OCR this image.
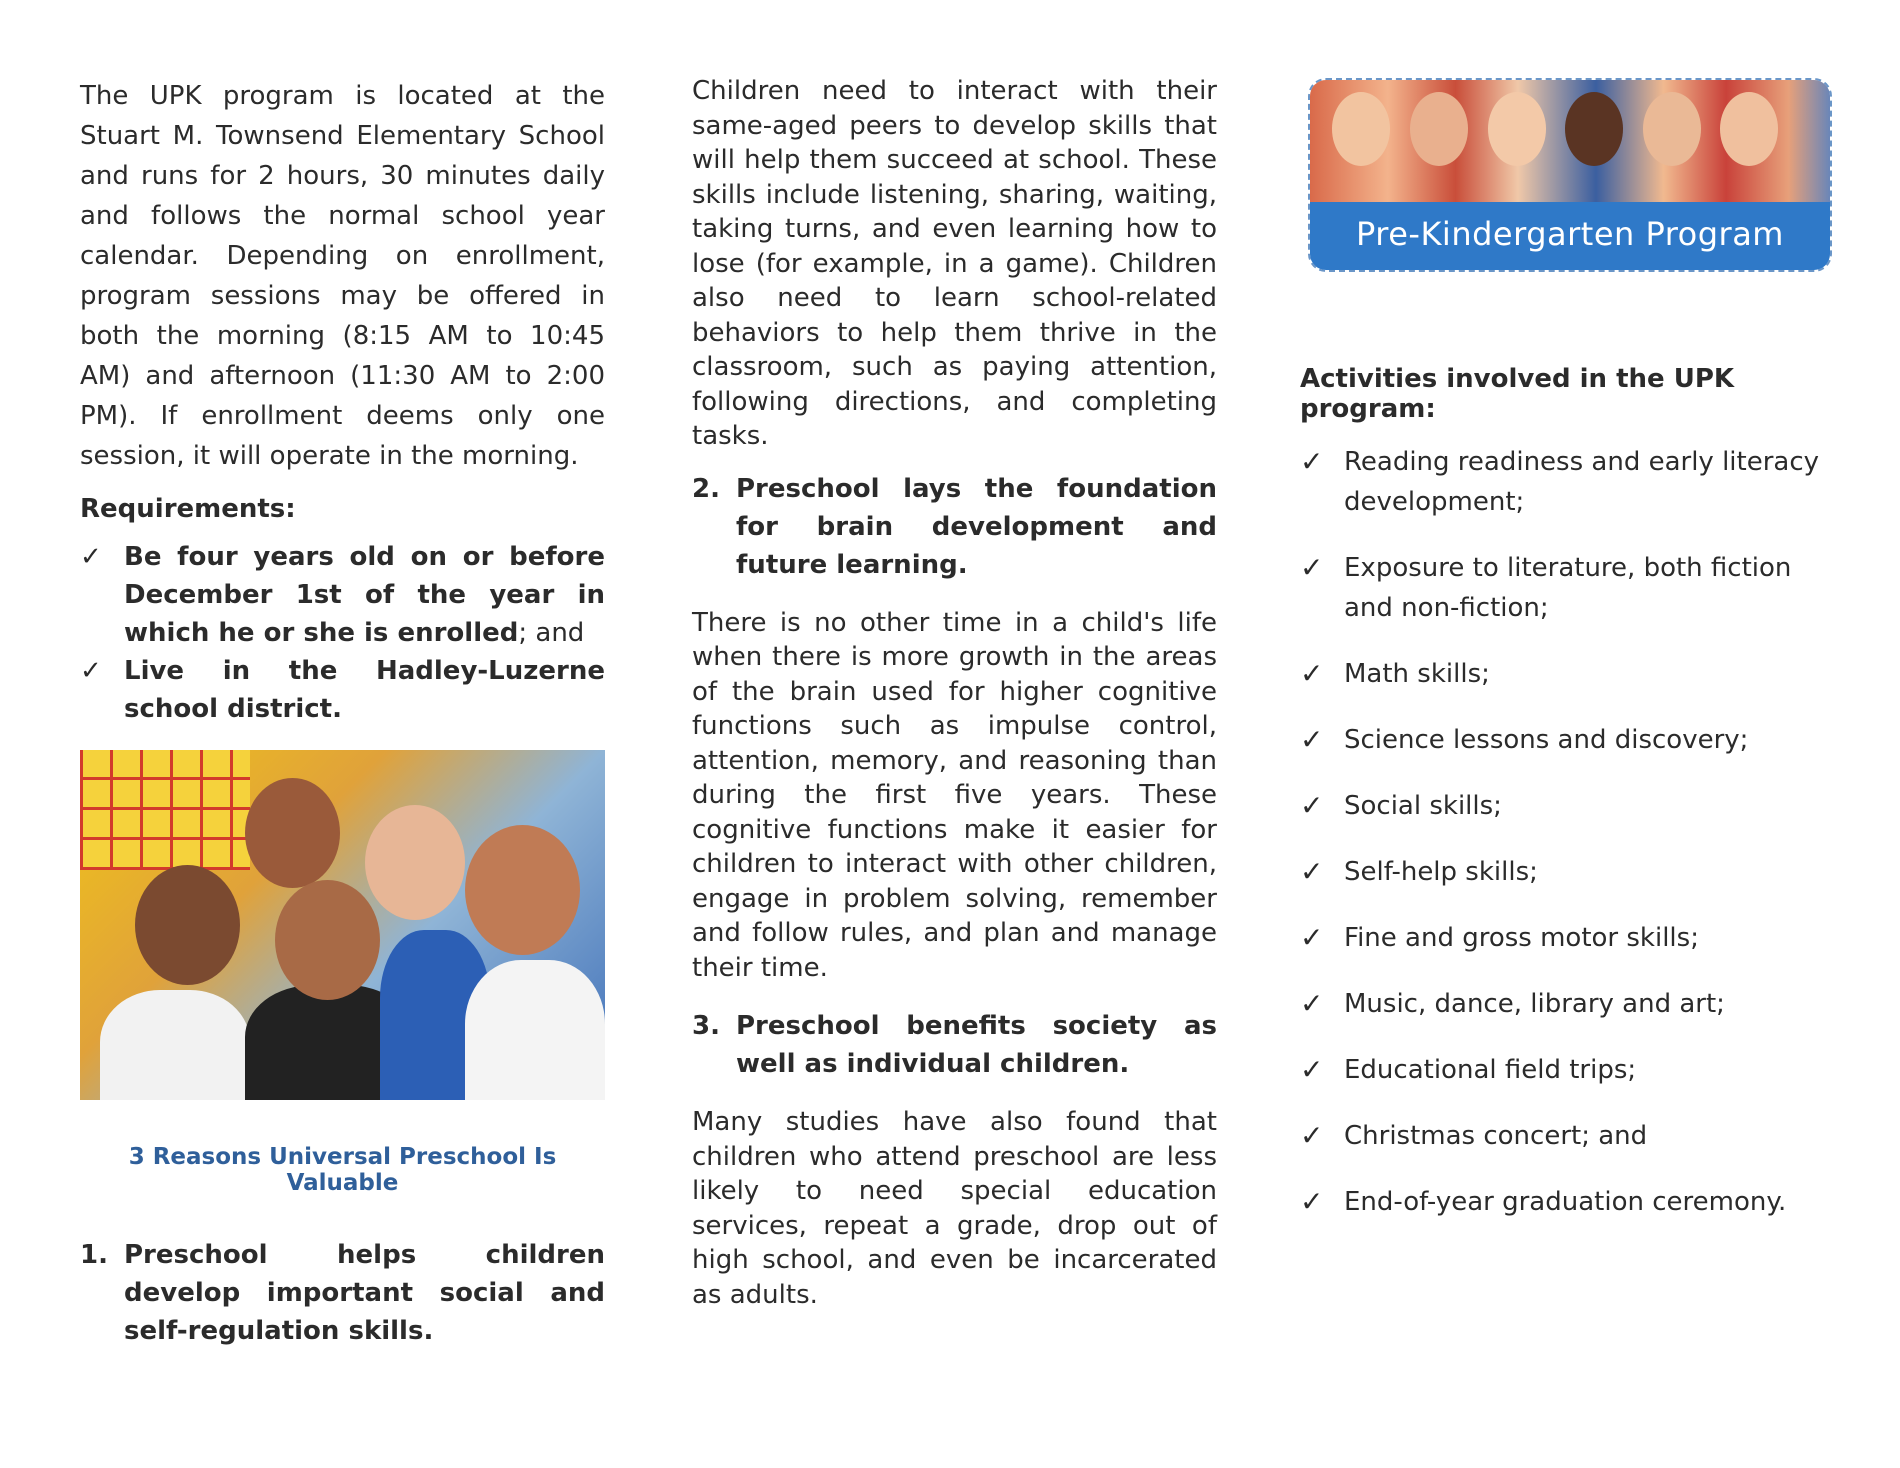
The UPK program is located at the Stuart M. Townsend Elementary School and runs for 2 hours, 30 minutes daily and follows the normal school year calendar. Depending on enrollment, program sessions may be offered in both the morning (8:15 AM to 10:45 AM) and afternoon (11:30 AM to 2:00 PM). If enrollment deems only one session, it will operate in the morning.

Requirements:
✓ Be four years old on or before December 1st of the year in which he or she is enrolled; and
✓ Live in the Hadley-Luzerne school district.
3 Reasons Universal Preschool Is Valuable
1. Preschool helps children develop important social and self-regulation skills.

Children need to interact with their same-aged peers to develop skills that will help them succeed at school. These skills include listening, sharing, waiting, taking turns, and even learning how to lose (for example, in a game). Children also need to learn school-related behaviors to help them thrive in the classroom, such as paying attention, following directions, and completing tasks.

2. Preschool lays the foundation for brain development and future learning.

There is no other time in a child's life when there is more growth in the areas of the brain used for higher cognitive functions such as impulse control, attention, memory, and reasoning than during the first five years. These cognitive functions make it easier for children to interact with other children, engage in problem solving, remember and follow rules, and plan and manage their time.

3. Preschool benefits society as well as individual children.

Many studies have also found that children who attend preschool are less likely to need special education services, repeat a grade, drop out of high school, and even be incarcerated as adults.

Pre-Kindergarten Program
Activities involved in the UPK program:
✓ Reading readiness and early literacy development;
✓ Exposure to literature, both fiction and non-fiction;
✓ Math skills;
✓ Science lessons and discovery;
✓ Social skills;
✓ Self-help skills;
✓ Fine and gross motor skills;
✓ Music, dance, library and art;
✓ Educational field trips;
✓ Christmas concert; and
✓ End-of-year graduation ceremony.
